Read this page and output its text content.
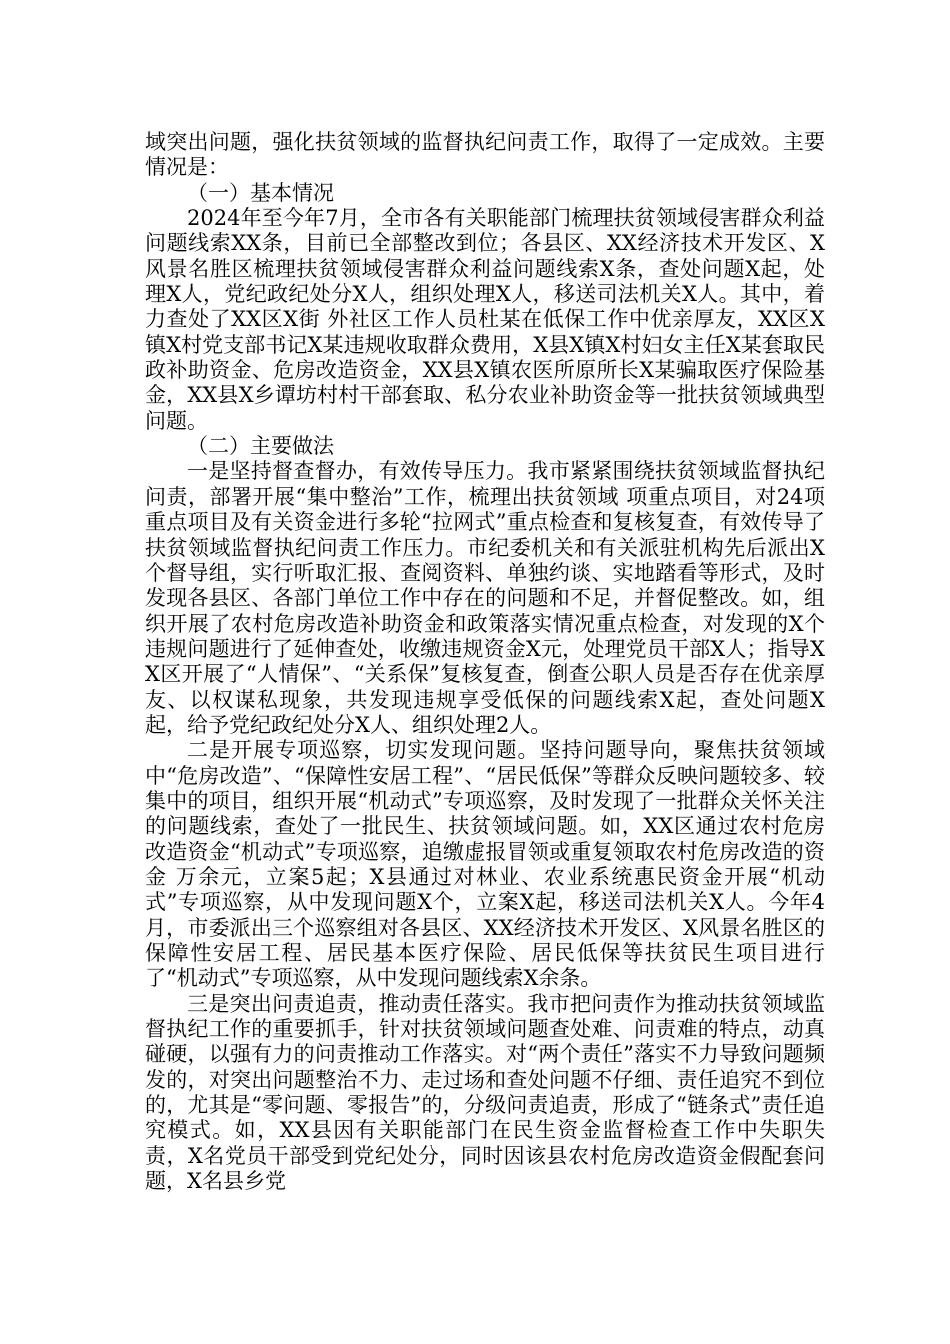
域突出问题，强化扶贫领域的监督执纪问责工作，取得了一定成效。主要情况是：

（一）基本情况

2024年至今年7月，全市各有关职能部门梳理扶贫领域侵害群众利益问题线索XX条，目前已全部整改到位；各县区、XX经济技术开发区、X风景名胜区梳理扶贫领域侵害群众利益问题线索X条，查处问题X起，处理X人，党纪政纪处分X人，组织处理X人，移送司法机关X人。其中，着力查处了XX区X街 外社区工作人员杜某在低保工作中优亲厚友，XX区X镇X村党支部书记X某违规收取群众费用，X县X镇X村妇女主任X某套取民政补助资金、危房改造资金，XX县X镇农医所原所长X某骗取医疗保险基金，XX县X乡谭坊村村干部套取、私分农业补助资金等一批扶贫领域典型问题。

（二）主要做法

一是坚持督查督办，有效传导压力。我市紧紧围绕扶贫领域监督执纪问责，部署开展“集中整治”工作，梳理出扶贫领域 项重点项目，对24项重点项目及有关资金进行多轮“拉网式”重点检查和复核复查，有效传导了扶贫领域监督执纪问责工作压力。市纪委机关和有关派驻机构先后派出X个督导组，实行听取汇报、查阅资料、单独约谈、实地踏看等形式，及时发现各县区、各部门单位工作中存在的问题和不足，并督促整改。如，组织开展了农村危房改造补助资金和政策落实情况重点检查，对发现的X个违规问题进行了延伸查处，收缴违规资金X元，处理党员干部X人；指导XX区开展了“人情保”、“关系保”复核复查，倒查公职人员是否存在优亲厚友、以权谋私现象，共发现违规享受低保的问题线索X起，查处问题X起，给予党纪政纪处分X人、组织处理2人。

二是开展专项巡察，切实发现问题。坚持问题导向，聚焦扶贫领域中“危房改造”、“保障性安居工程”、“居民低保”等群众反映问题较多、较集中的项目，组织开展“机动式”专项巡察，及时发现了一批群众关怀关注的问题线索，查处了一批民生、扶贫领域问题。如，XX区通过农村危房改造资金“机动式”专项巡察，追缴虚报冒领或重复领取农村危房改造的资金 万余元，立案5起；X县通过对林业、农业系统惠民资金开展“机动式”专项巡察，从中发现问题X个，立案X起，移送司法机关X人。今年4月，市委派出三个巡察组对各县区、XX经济技术开发区、X风景名胜区的保障性安居工程、居民基本医疗保险、居民低保等扶贫民生项目进行了“机动式”专项巡察，从中发现问题线索X余条。

三是突出问责追责，推动责任落实。我市把问责作为推动扶贫领域监督执纪工作的重要抓手，针对扶贫领域问题查处难、问责难的特点，动真碰硬，以强有力的问责推动工作落实。对“两个责任”落实不力导致问题频发的，对突出问题整治不力、走过场和查处问题不仔细、责任追究不到位的，尤其是“零问题、零报告”的，分级问责追责，形成了“链条式”责任追究模式。如，XX县因有关职能部门在民生资金监督检查工作中失职失责，X名党员干部受到党纪处分，同时因该县农村危房改造资金假配套问题，X名县乡党
